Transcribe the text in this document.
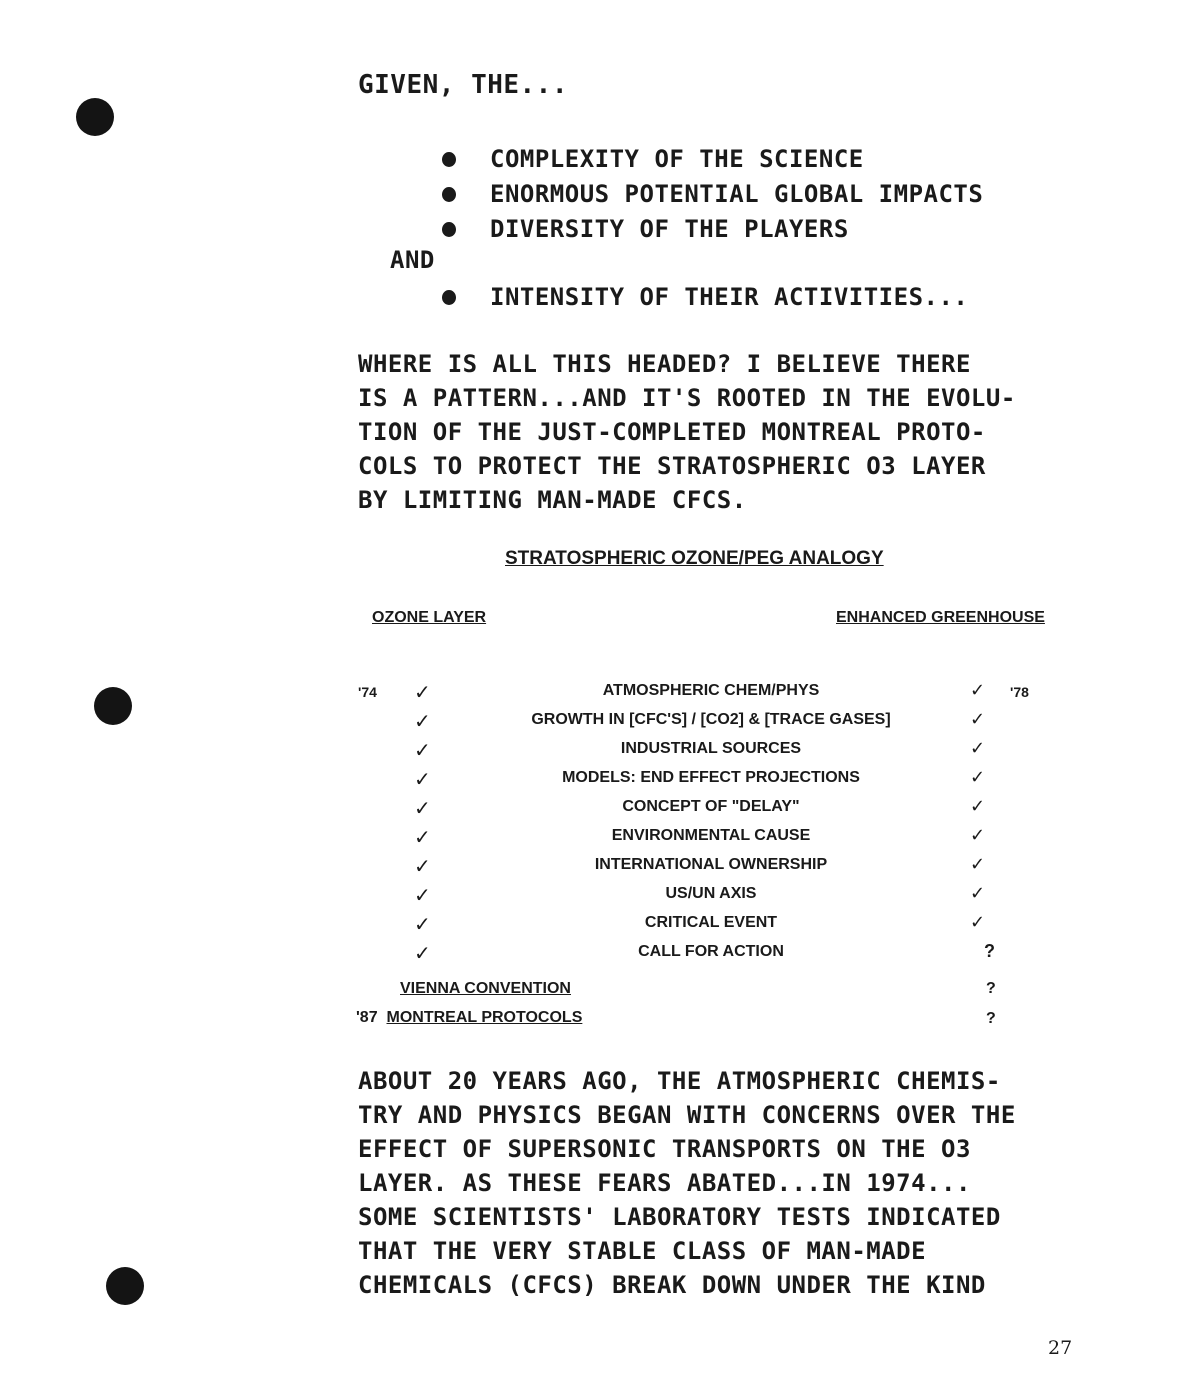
GIVEN, THE...

COMPLEXITY OF THE SCIENCE
ENORMOUS POTENTIAL GLOBAL IMPACTS
DIVERSITY OF THE PLAYERS

AND

INTENSITY OF THEIR ACTIVITIES...
WHERE IS ALL THIS HEADED? I BELIEVE THERE
IS A PATTERN...AND IT'S ROOTED IN THE EVOLU-
TION OF THE JUST-COMPLETED MONTREAL PROTO-
COLS TO PROTECT THE STRATOSPHERIC O3 LAYER
BY LIMITING MAN-MADE CFCS.

STRATOSPHERIC OZONE/PEG ANALOGY

OZONE LAYER	ENHANCED GREENHOUSE
'74 ✓	ATMOSPHERIC CHEM/PHYS	✓ '78
✓	GROWTH IN [CFC'S] / [CO2] & [TRACE GASES]	✓
✓	INDUSTRIAL SOURCES	✓
✓	MODELS: END EFFECT PROJECTIONS	✓
✓	CONCEPT OF "DELAY"	✓
✓	ENVIRONMENTAL CAUSE	✓
✓	INTERNATIONAL OWNERSHIP	✓
✓	US/UN AXIS	✓
✓	CRITICAL EVENT	✓
✓	CALL FOR ACTION	?
VIENNA CONVENTION	?
'87 MONTREAL PROTOCOLS	?
ABOUT 20 YEARS AGO, THE ATMOSPHERIC CHEMIS-
TRY AND PHYSICS BEGAN WITH CONCERNS OVER THE
EFFECT OF SUPERSONIC TRANSPORTS ON THE O3
LAYER. AS THESE FEARS ABATED...IN 1974...
SOME SCIENTISTS' LABORATORY TESTS INDICATED
THAT THE VERY STABLE CLASS OF MAN-MADE
CHEMICALS (CFCS) BREAK DOWN UNDER THE KIND
27
